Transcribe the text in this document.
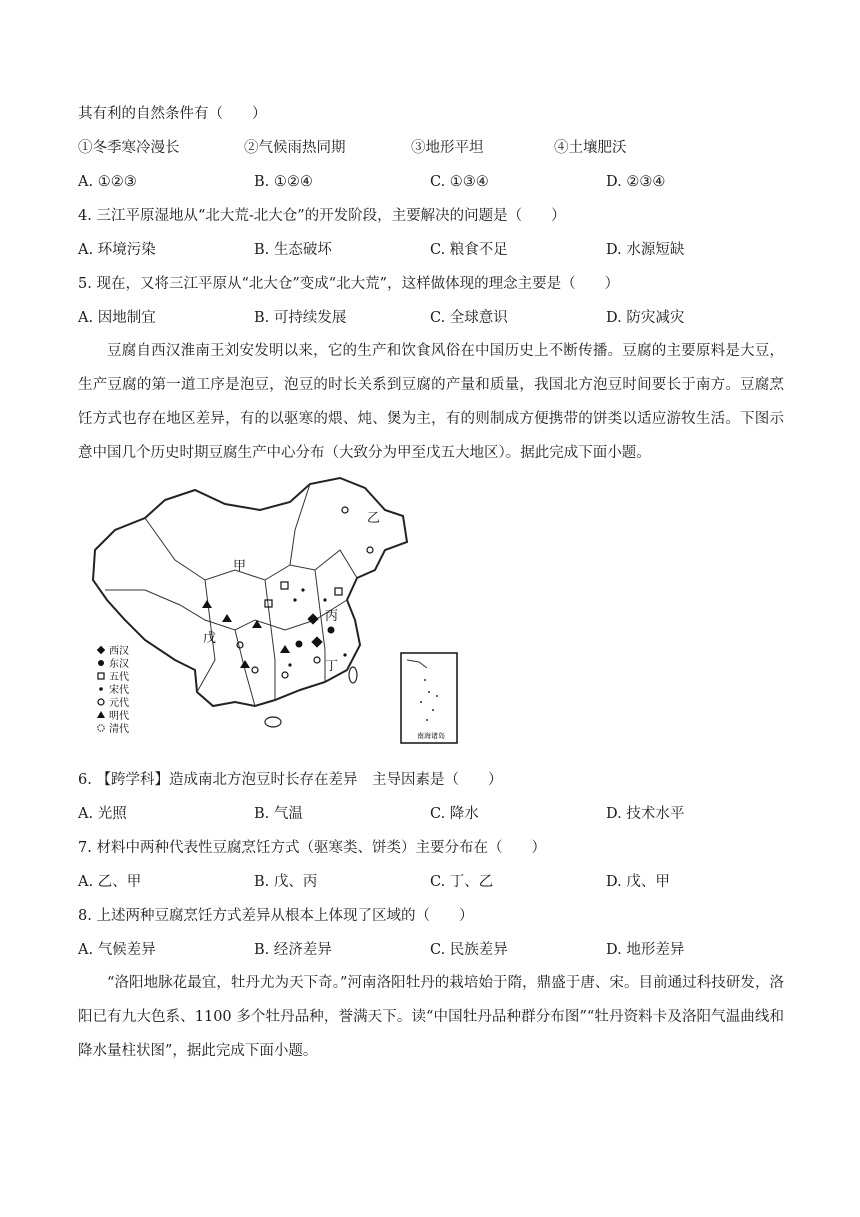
其有利的自然条件有（　　）
①冬季寒冷漫长	②气候雨热同期	③地形平坦	④土壤肥沃
A. ①②③	B. ①②④	C. ①③④	D. ②③④
4. 三江平原湿地从“北大荒-北大仓”的开发阶段，主要解决的问题是（　　）
A. 环境污染	B. 生态破坏	C. 粮食不足	D. 水源短缺
5. 现在，又将三江平原从“北大仓”变成“北大荒”，这样做体现的理念主要是（　　）
A. 因地制宜	B. 可持续发展	C. 全球意识	D. 防灾减灾
豆腐自西汉淮南王刘安发明以来，它的生产和饮食风俗在中国历史上不断传播。豆腐的主要原料是大豆，生产豆腐的第一道工序是泡豆，泡豆的时长关系到豆腐的产量和质量，我国北方泡豆时间要长于南方。豆腐烹饪方式也存在地区差异，有的以驱寒的煨、炖、煲为主，有的则制成方便携带的饼类以适应游牧生活。下图示意中国几个历史时期豆腐生产中心分布（大致分为甲至戊五大地区）。据此完成下面小题。
甲
乙
丙
丁
戊
西汉
东汉
五代
宋代
元代
明代
清代
南海诸岛
6. 【跨学科】造成南北方泡豆时长存在差异　主导因素是（　　）
A. 光照	B. 气温	C. 降水	D. 技术水平
7. 材料中两种代表性豆腐烹饪方式（驱寒类、饼类）主要分布在（　　）
A. 乙、甲	B. 戊、丙	C. 丁、乙	D. 戊、甲
8. 上述两种豆腐烹饪方式差异从根本上体现了区域的（　　）
A. 气候差异	B. 经济差异	C. 民族差异	D. 地形差异
“洛阳地脉花最宜，牡丹尤为天下奇。”河南洛阳牡丹的栽培始于隋，鼎盛于唐、宋。目前通过科技研发，洛阳已有九大色系、1100 多个牡丹品种，誉满天下。读“中国牡丹品种群分布图”“牡丹资料卡及洛阳气温曲线和降水量柱状图”，据此完成下面小题。
